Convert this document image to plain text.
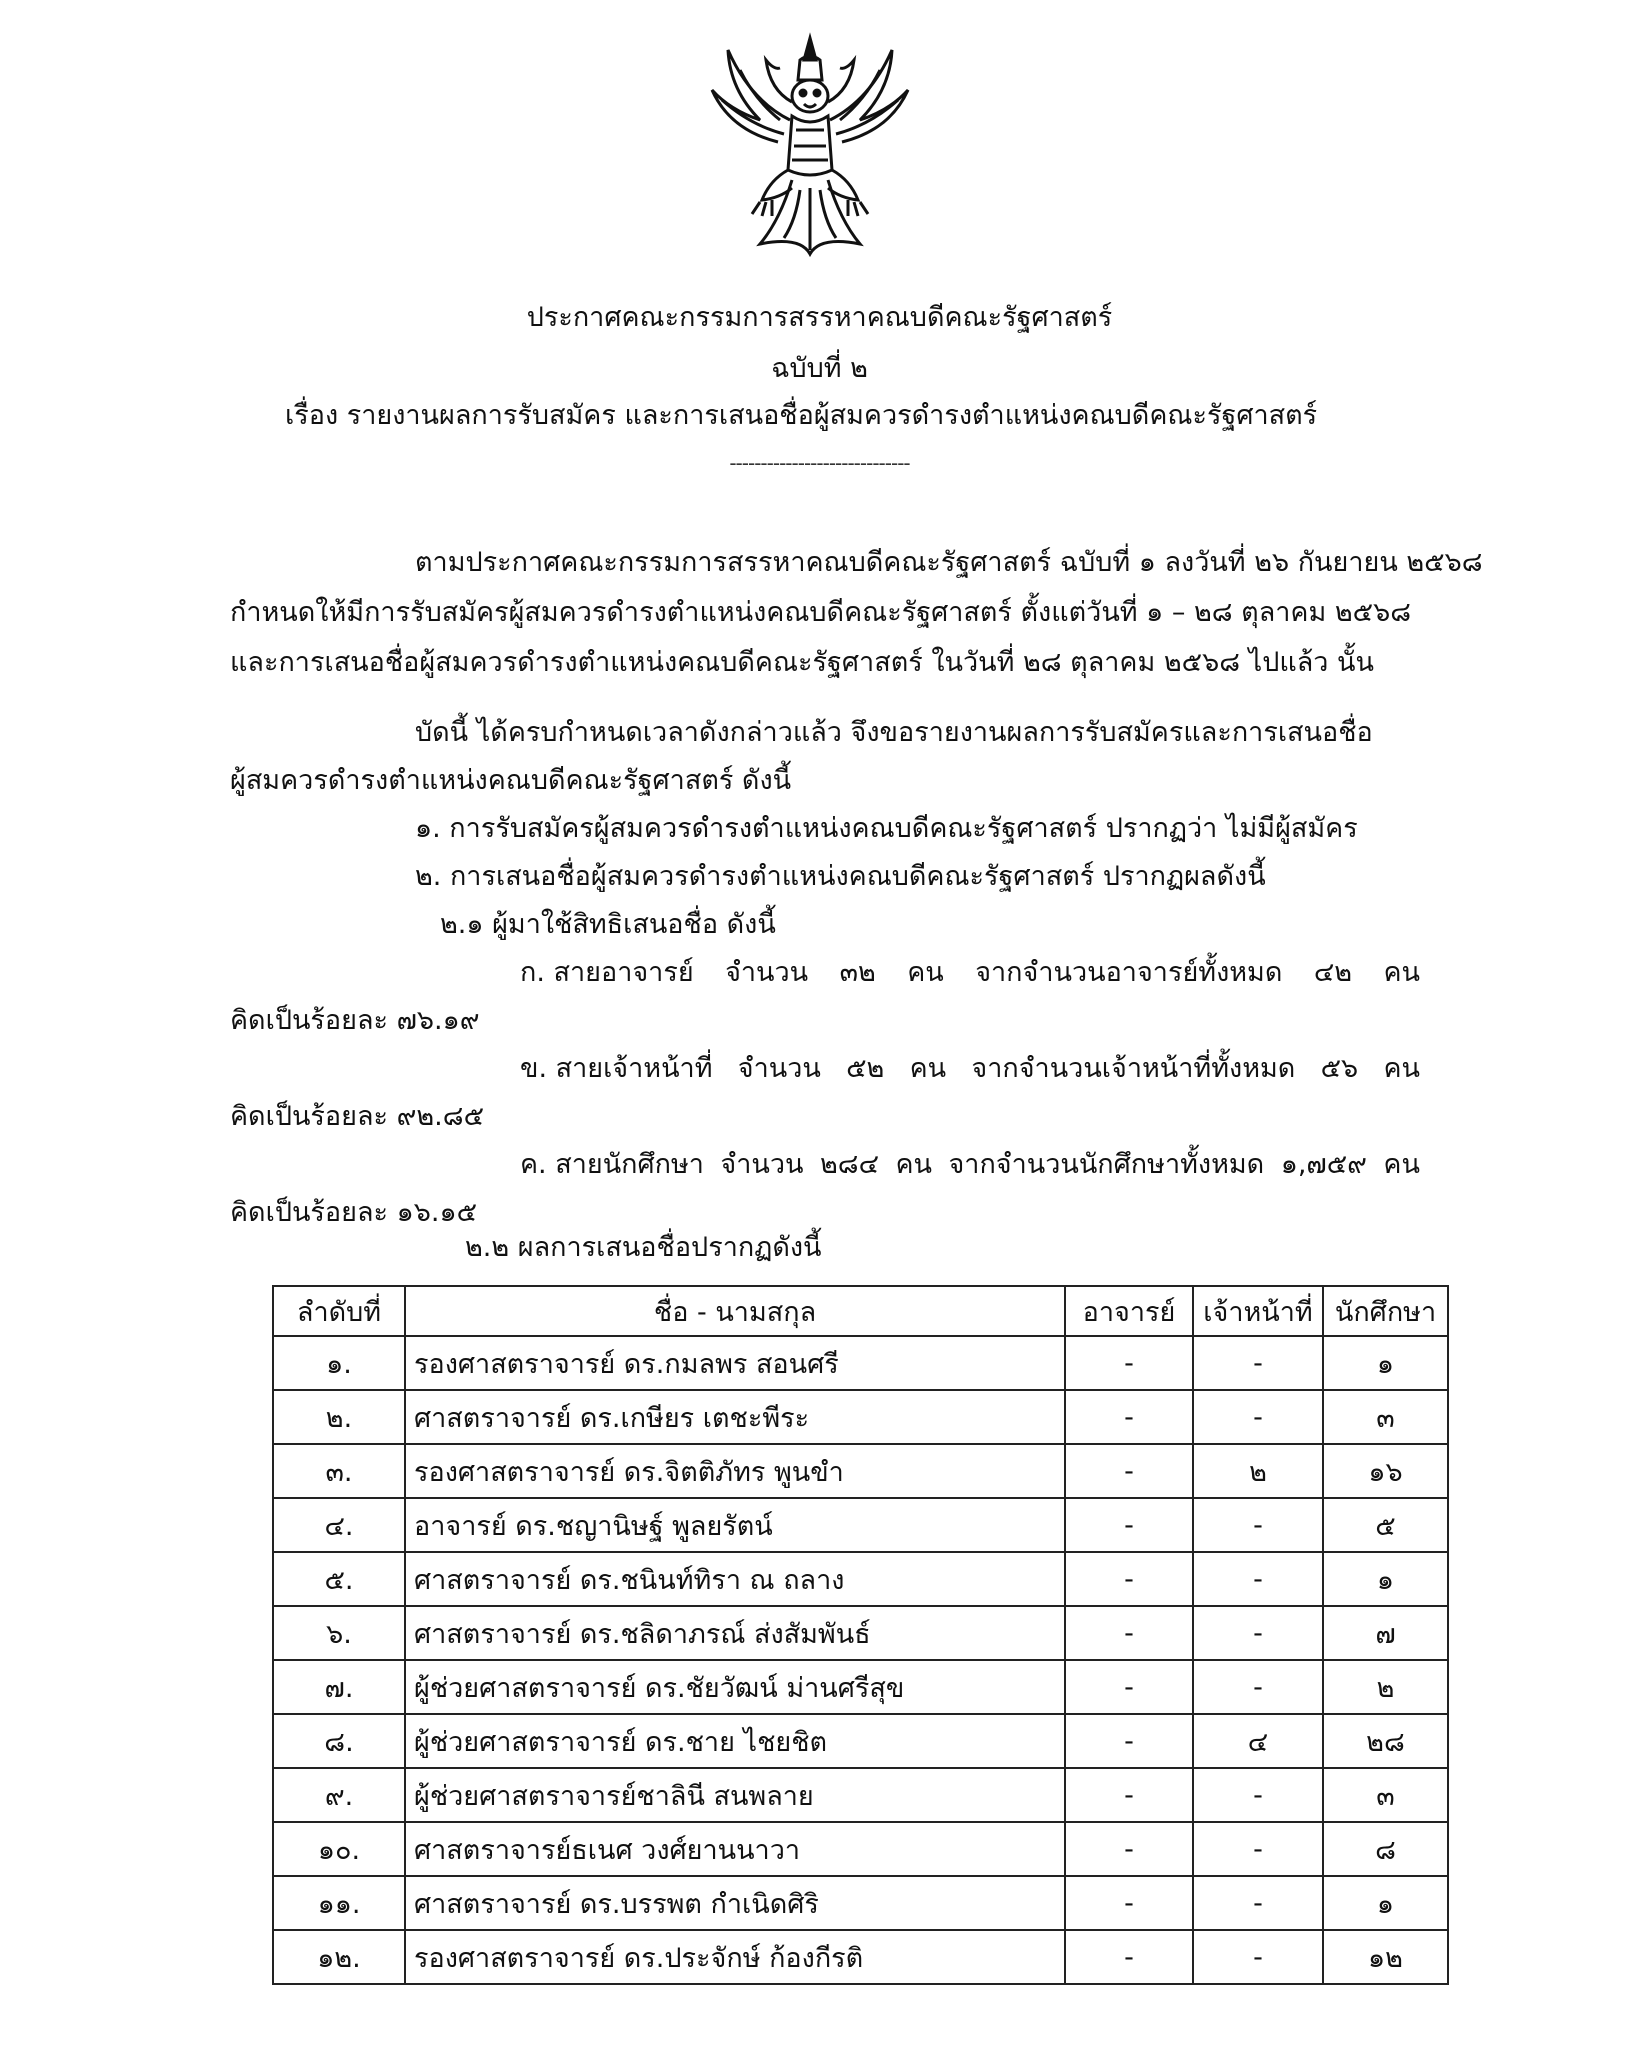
ประกาศคณะกรรมการสรรหาคณบดีคณะรัฐศาสตร์
ฉบับที่ ๒
เรื่อง รายงานผลการรับสมัคร และการเสนอชื่อผู้สมควรดำรงตำแหน่งคณบดีคณะรัฐศาสตร์
-----------------------------
ตามประกาศคณะกรรมการสรรหาคณบดีคณะรัฐศาสตร์ ฉบับที่ ๑ ลงวันที่ ๒๖ กันยายน ๒๕๖๘
กำหนดให้มีการรับสมัครผู้สมควรดำรงตำแหน่งคณบดีคณะรัฐศาสตร์ ตั้งแต่วันที่ ๑ – ๒๘ ตุลาคม ๒๕๖๘
และการเสนอชื่อผู้สมควรดำรงตำแหน่งคณบดีคณะรัฐศาสตร์ ในวันที่ ๒๘ ตุลาคม ๒๕๖๘ ไปแล้ว นั้น
บัดนี้ ได้ครบกำหนดเวลาดังกล่าวแล้ว จึงขอรายงานผลการรับสมัครและการเสนอชื่อ
ผู้สมควรดำรงตำแหน่งคณบดีคณะรัฐศาสตร์ ดังนี้
๑. การรับสมัครผู้สมควรดำรงตำแหน่งคณบดีคณะรัฐศาสตร์ ปรากฏว่า ไม่มีผู้สมัคร
๒. การเสนอชื่อผู้สมควรดำรงตำแหน่งคณบดีคณะรัฐศาสตร์ ปรากฏผลดังนี้
๒.๑ ผู้มาใช้สิทธิเสนอชื่อ ดังนี้
ก. สายอาจารย์ จำนวน ๓๒ คน จากจำนวนอาจารย์ทั้งหมด ๔๒ คน
คิดเป็นร้อยละ ๗๖.๑๙
ข. สายเจ้าหน้าที่ จำนวน ๕๒ คน จากจำนวนเจ้าหน้าที่ทั้งหมด ๕๖ คน
คิดเป็นร้อยละ ๙๒.๘๕
ค. สายนักศึกษา จำนวน ๒๘๔ คน จากจำนวนนักศึกษาทั้งหมด ๑,๗๕๙ คน
คิดเป็นร้อยละ ๑๖.๑๕
๒.๒ ผลการเสนอชื่อปรากฏดังนี้
ลำดับที่	ชื่อ - นามสกุล	อาจารย์	เจ้าหน้าที่	นักศึกษา
๑.	รองศาสตราจารย์ ดร.กมลพร สอนศรี	-	-	๑
๒.	ศาสตราจารย์ ดร.เกษียร เตชะพีระ	-	-	๓
๓.	รองศาสตราจารย์ ดร.จิตติภัทร พูนขำ	-	๒	๑๖
๔.	อาจารย์ ดร.ชญานิษฐ์ พูลยรัตน์	-	-	๕
๕.	ศาสตราจารย์ ดร.ชนินท์ทิรา ณ ถลาง	-	-	๑
๖.	ศาสตราจารย์ ดร.ชลิดาภรณ์ ส่งสัมพันธ์	-	-	๗
๗.	ผู้ช่วยศาสตราจารย์ ดร.ชัยวัฒน์ ม่านศรีสุข	-	-	๒
๘.	ผู้ช่วยศาสตราจารย์ ดร.ชาย ไชยชิต	-	๔	๒๘
๙.	ผู้ช่วยศาสตราจารย์ชาลินี สนพลาย	-	-	๓
๑๐.	ศาสตราจารย์ธเนศ วงศ์ยานนาวา	-	-	๘
๑๑.	ศาสตราจารย์ ดร.บรรพต กำเนิดศิริ	-	-	๑
๑๒.	รองศาสตราจารย์ ดร.ประจักษ์ ก้องกีรติ	-	-	๑๒
